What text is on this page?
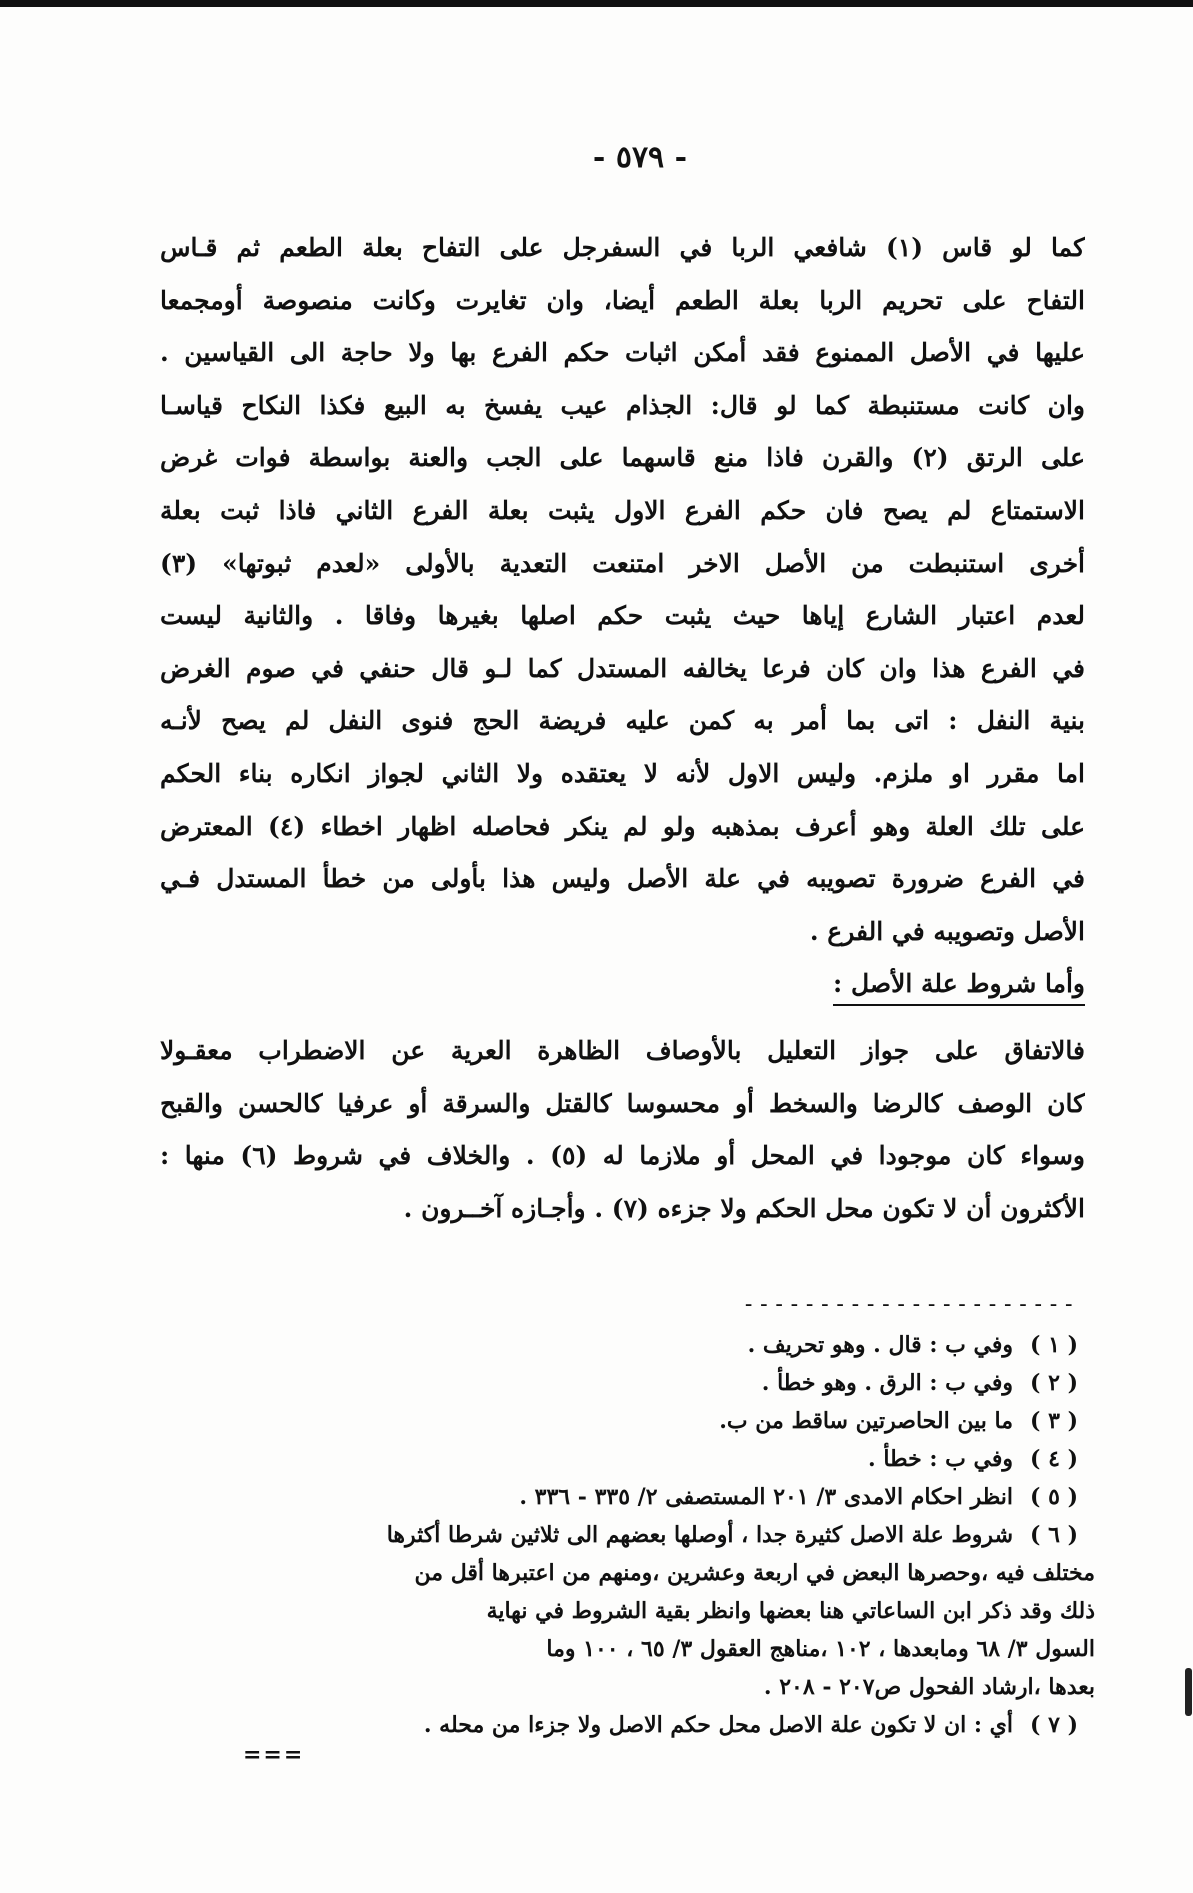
- ٥٧٩ -
كما لو قاس (١) شافعي الربا في السفرجل على التفاح بعلة الطعم ثم قـاس
التفاح على تحريم الربا بعلة الطعم أيضا، وان تغايرت وكانت منصوصة أومجمعا
عليها في الأصل الممنوع فقد أمكن اثبات حكم الفرع بها ولا حاجة الى القياسين .
وان كانت مستنبطة كما لو قال: الجذام عيب يفسخ به البيع فكذا النكاح قياسـا
على الرتق (٢) والقرن فاذا منع قاسهما على الجب والعنة بواسطة فوات غرض
الاستمتاع لم يصح فان حكم الفرع الاول يثبت بعلة الفرع الثاني فاذا ثبت بعلة
أخرى استنبطت من الأصل الاخر امتنعت التعدية بالأولى «لعدم ثبوتها» (٣)
لعدم اعتبار الشارع إياها حيث يثبت حكم اصلها بغيرها وفاقا . والثانية ليست
في الفرع هذا وان كان فرعا يخالفه المستدل كما لـو قال حنفي في صوم الغرض
بنية النفل : اتى بما أمر به كمن عليه فريضة الحج فنوى النفل لم يصح لأنـه
اما مقرر او ملزم. وليس الاول لأنه لا يعتقده ولا الثاني لجواز انكاره بناء الحكم
على تلك العلة وهو أعرف بمذهبه ولو لم ينكر فحاصله اظهار اخطاء (٤) المعترض
في الفرع ضرورة تصويبه في علة الأصل وليس هذا بأولى من خطأ المستدل فـي
الأصل وتصويبه في الفرع .
وأما شروط علة الأصل :
فالاتفاق على جواز التعليل بالأوصاف الظاهرة العرية عن الاضطراب معقـولا
كان الوصف كالرضا والسخط أو محسوسا كالقتل والسرقة أو عرفيا كالحسن والقبح
وسواء كان موجودا في المحل أو ملازما له (٥) . والخلاف في شروط (٦) منها :
الأكثرون أن لا تكون محل الحكم ولا جزءه (٧) . وأجـازه آخــرون .
----------------------
( ١ )
وفي ب : قال . وهو تحريف .
( ٢ )
وفي ب : الرق . وهو خطأ .
( ٣ )
ما بين الحاصرتين ساقط من ب.
( ٤ )
وفي ب : خطأ .
( ٥ )
انظر احكام الامدى ٣/ ٢٠١ المستصفى ٢/ ٣٣٥ - ٣٣٦ .
( ٦ )
شروط علة الاصل كثيرة جدا ، أوصلها بعضهم الى ثلاثين شرطا أكثرها
مختلف فيه ،وحصرها البعض في اربعة وعشرين ،ومنهم من اعتبرها أقل من
ذلك وقد ذكر ابن الساعاتي هنا بعضها وانظر بقية الشروط في نهاية
السول ٣/ ٦٨ ومابعدها ، ١٠٢ ،مناهج العقول ٣/ ٦٥ ، ١٠٠ وما
بعدها ،ارشاد الفحول ص٢٠٧ - ٢٠٨ .
( ٧ )
أي : ان لا تكون علة الاصل محل حكم الاصل ولا جزءا من محله .
===
